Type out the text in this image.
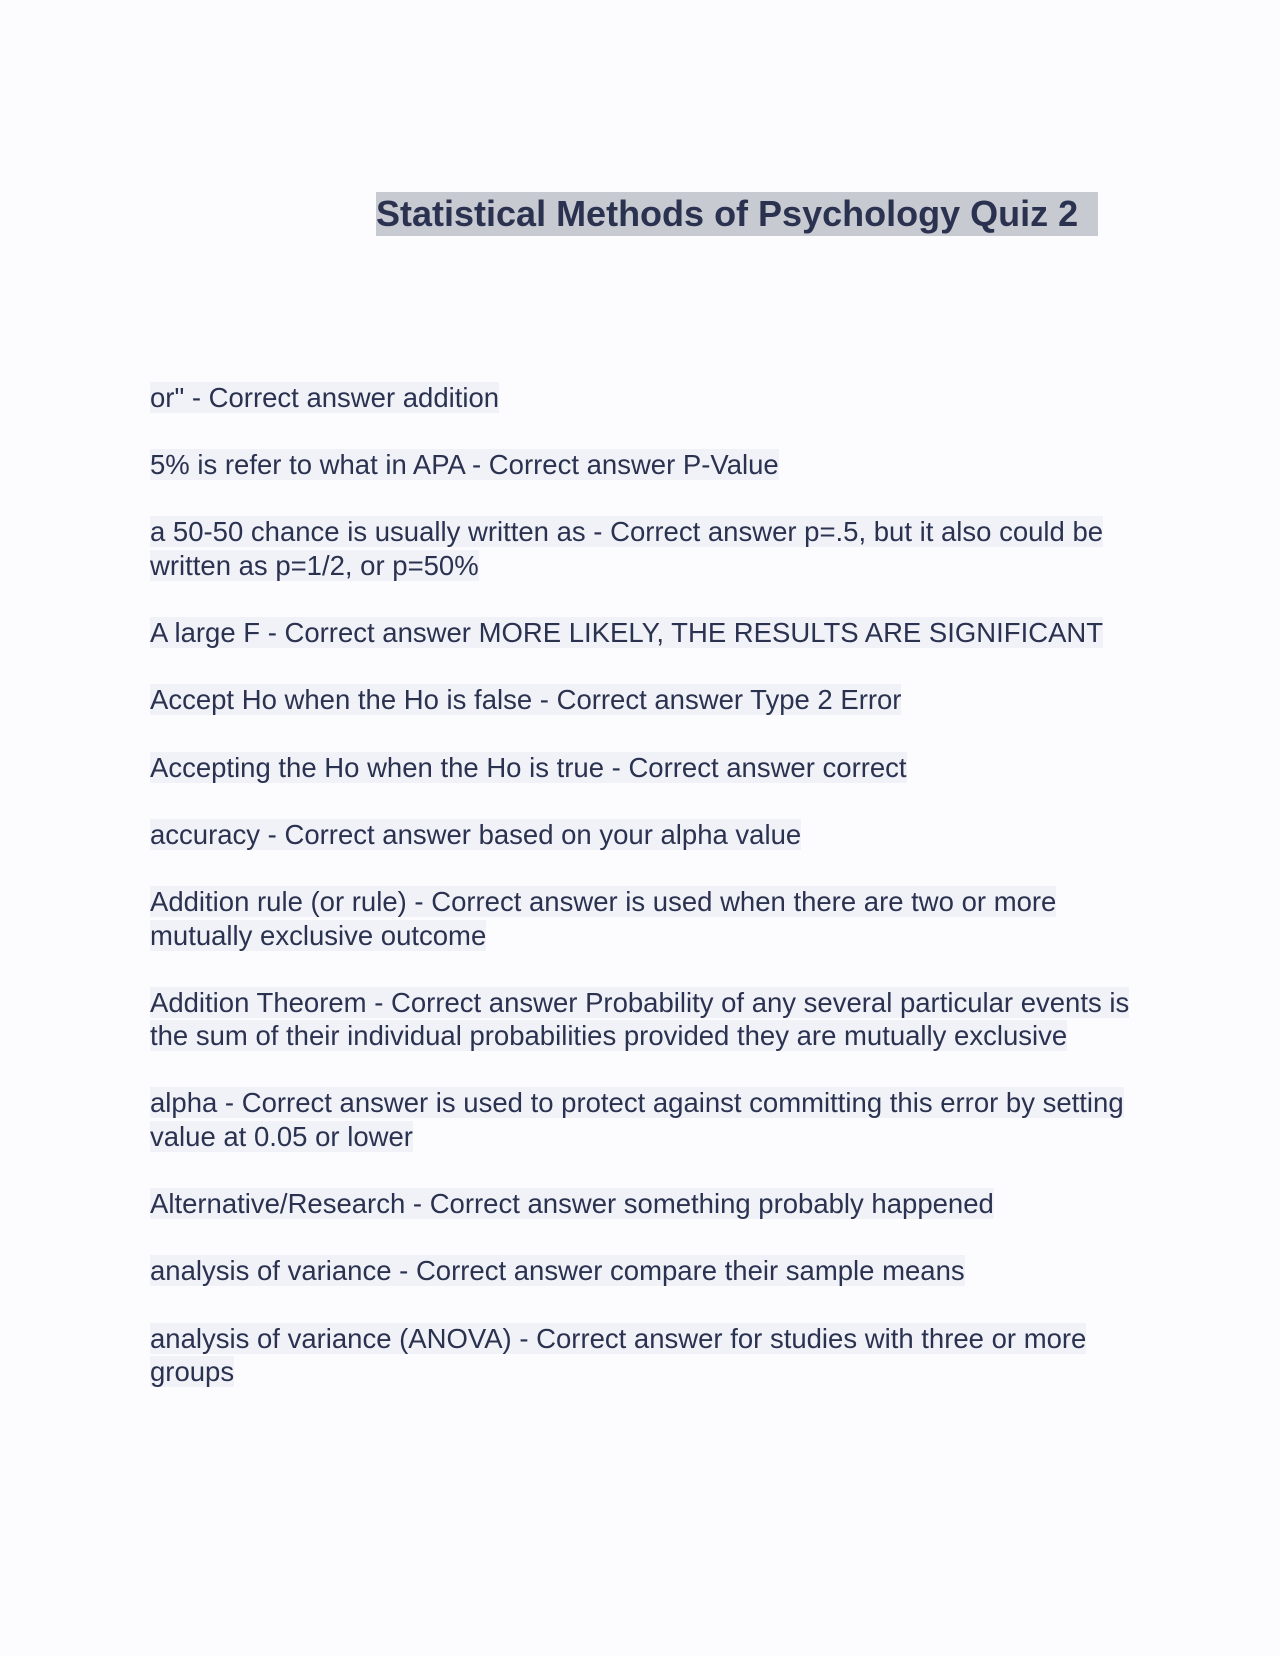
Statistical Methods of Psychology Quiz 2

or" - Correct answer addition

5% is refer to what in APA - Correct answer P-Value

a 50-50 chance is usually written as - Correct answer p=.5, but it also could be written as p=1/2, or p=50%

A large F - Correct answer MORE LIKELY, THE RESULTS ARE SIGNIFICANT

Accept Ho when the Ho is false - Correct answer Type 2 Error

Accepting the Ho when the Ho is true - Correct answer correct

accuracy - Correct answer based on your alpha value

Addition rule (or rule) - Correct answer is used when there are two or more mutually exclusive outcome

Addition Theorem - Correct answer Probability of any several particular events is the sum of their individual probabilities provided they are mutually exclusive

alpha - Correct answer is used to protect against committing this error by setting value at 0.05 or lower

Alternative/Research - Correct answer something probably happened

analysis of variance - Correct answer compare their sample means

analysis of variance (ANOVA) - Correct answer for studies with three or more groups
